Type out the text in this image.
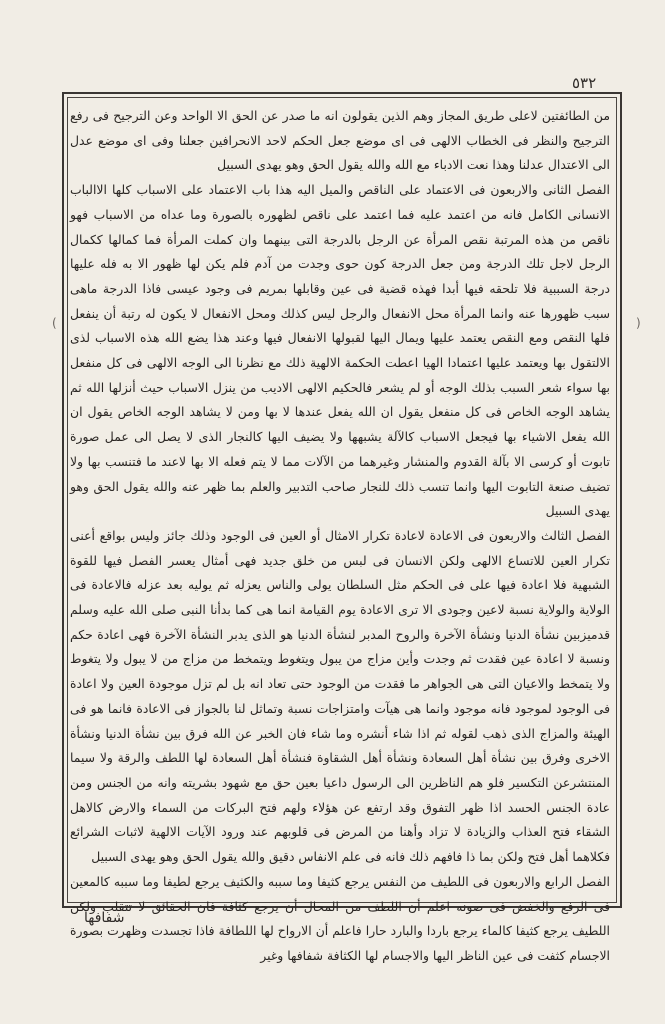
٥٣٢
(	)

من الطائفتين لاعلى طريق المجاز وهم الذين يقولون انه ما صدر عن الحق الا الواحد وعن الترجيح فى رفع الترجيح والنظر فى الخطاب الالهى فى اى موضع جعل الحكم لاحد الانحرافين جعلنا وفى اى موضع عدل الى الاعتدال عدلنا وهذا نعت الادباء مع الله والله يقول الحق وهو يهدى السبيل

الفصل الثانى والاربعون فى الاعتماد على الناقص والميل اليه هذا باب الاعتماد على الاسباب كلها الاالباب الانسانى الكامل فانه من اعتمد عليه فما اعتمد على ناقص لظهوره بالصورة وما عداه من الاسباب فهو ناقص من هذه المرتبة نقص المرأة عن الرجل بالدرجة التى بينهما وان كملت المرأة فما كمالها ككمال الرجل لاجل تلك الدرجة ومن جعل الدرجة كون حوى وجدت من آدم فلم يكن لها ظهور الا به فله عليها درجة السببية فلا تلحقه فيها أبدا فهذه قضية فى عين وقابلها بمريم فى وجود عيسى فاذا الدرجة ماهى سبب ظهورها عنه وانما المرأة محل الانفعال والرجل ليس كذلك ومحل الانفعال لا يكون له رتبة أن ينفعل فلها النقص ومع النقص يعتمد عليها ويمال اليها لقبولها الانفعال فيها وعند هذا يضع الله هذه الاسباب لذى الالتقول بها ويعتمد عليها اعتمادا الهيا اعطت الحكمة الالهية ذلك مع نظرنا الى الوجه الالهى فى كل منفعل بها سواء شعر السبب بذلك الوجه أو لم يشعر فالحكيم الالهى الاديب من ينزل الاسباب حيث أنزلها الله ثم يشاهد الوجه الخاص فى كل منفعل يقول ان الله يفعل عندها لا بها ومن لا يشاهد الوجه الخاص يقول ان الله يفعل الاشياء بها فيجعل الاسباب كالآلة يشبهها ولا يضيف اليها كالنجار الذى لا يصل الى عمل صورة تابوت أو كرسى الا بآلة القدوم والمنشار وغيرهما من الآلات مما لا يتم فعله الا بها لاعند ما فتنسب بها ولا تضيف صنعة التابوت اليها وانما تنسب ذلك للنجار صاحب التدبير والعلم بما ظهر عنه والله يقول الحق وهو يهدى السبيل

الفصل الثالث والاربعون فى الاعادة لاعادة تكرار الامثال أو العين فى الوجود وذلك جائز وليس بواقع أعنى تكرار العين للاتساع الالهى ولكن الانسان فى لبس من خلق جديد فهى أمثال يعسر الفصل فيها للقوة الشبهية فلا اعادة فيها على فى الحكم مثل السلطان يولى والناس يعزله ثم يوليه بعد عزله فالاعادة فى الولاية والولاية نسبة لاعين وجودى الا ترى الاعادة يوم القيامة انما هى كما بدأنا النبى صلى الله عليه وسلم قدميزبين نشأة الدنيا ونشأة الآخرة والروح المدبر لنشأة الدنيا هو الذى يدبر النشأة الآخرة فهى اعادة حكم ونسبة لا اعادة عين فقدت ثم وجدت وأين مزاج من يبول ويتغوط ويتمخط من مزاج من لا يبول ولا يتغوط ولا يتمخط والاعيان التى هى الجواهر ما فقدت من الوجود حتى تعاد انه بل لم تزل موجودة العين ولا اعادة فى الوجود لموجود فانه موجود وانما هى هيآت وامتزاجات نسبة وتماثل لنا بالجواز فى الاعادة فانما هو فى الهيئة والمزاج الذى ذهب لقوله ثم اذا شاء أنشره وما شاء فان الخبر عن الله فرق بين نشأة الدنيا ونشأة الاخرى وفرق بين نشأة أهل السعادة ونشأة أهل الشقاوة فنشأة أهل السعادة لها اللطف والرقة ولا سيما المنتشرعن التكسير فلو هم الناظرين الى الرسول داعيا بعين حق مع شهود بشريته وانه من الجنس ومن عادة الجنس الحسد اذا ظهر التفوق وقد ارتفع عن هؤلاء ولهم فتح البركات من السماء والارض كالاهل الشقاء فتح العذاب والزيادة لا تزاد وأهنا من المرض فى قلوبهم عند ورود الآيات الالهية لاثبات الشرائع فكلاهما أهل فتح ولكن بما ذا فافهم ذلك فانه فى علم الانفاس دقيق والله يقول الحق وهو يهدى السبيل

الفصل الرابع والاربعون فى اللطيف من النفس يرجع كثيفا وما سببه والكثيف يرجع لطيفا وما سببه كالمعين فى الرفع والخفض فى صونه اعلم أن اللطف من المحال أن يرجع كثافة فان الحقائق لا تتقلب ولكن اللطيف يرجع كثيفا كالماء يرجع باردا والبارد حارا فاعلم أن الارواح لها اللطافة فاذا تجسدت وظهرت بصورة الاجسام كثفت فى عين الناظر اليها والاجسام لها الكثافة شفافها وغير

شفافها
